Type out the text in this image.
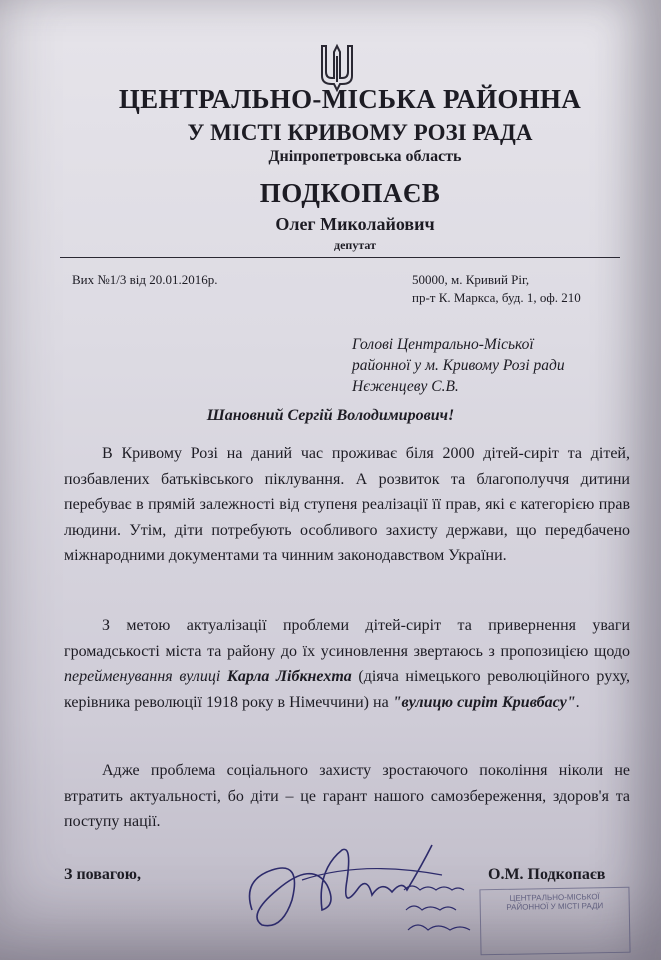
ЦЕНТРАЛЬНО-МІСЬКА РАЙОННА
У МІСТІ КРИВОМУ РОЗІ РАДА
Дніпропетровська область
ПОДКОПАЄВ
Олег Миколайович
депутат
Вих №1/3 від 20.01.2016р.	50000, м. Кривий Ріг,
пр-т К. Маркса, буд. 1, оф. 210
Голові Центрально-Міської
районної у м. Кривому Розі ради
Нєженцеву С.В.
Шановний Сергій Володимирович!
В Кривому Розі на даний час проживає біля 2000 дітей-сиріт та дітей, позбавлених батьківського піклування. А розвиток та благополуччя дитини перебуває в прямій залежності від ступеня реалізації її прав, які є категорією прав людини. Утім, діти потребують особливого захисту держави, що передбачено міжнародними документами та чинним законодавством України.
З метою актуалізації проблеми дітей-сиріт та привернення уваги громадськості міста та району до їх усиновлення звертаюсь з пропозицією щодо перейменування вулиці Карла Лібкнехта (діяча німецького революційного руху, керівника революції 1918 року в Німеччини) на "вулицю сиріт Кривбасу".
Адже проблема соціального захисту зростаючого покоління ніколи не втратить актуальності, бо діти – це гарант нашого самозбереження, здоров'я та поступу нації.
З повагою,	О.М. Подкопаєв
ЦЕНТРАЛЬНО-МІСЬКОЇ
РАЙОННОЇ У МІСТІ РАДИ
